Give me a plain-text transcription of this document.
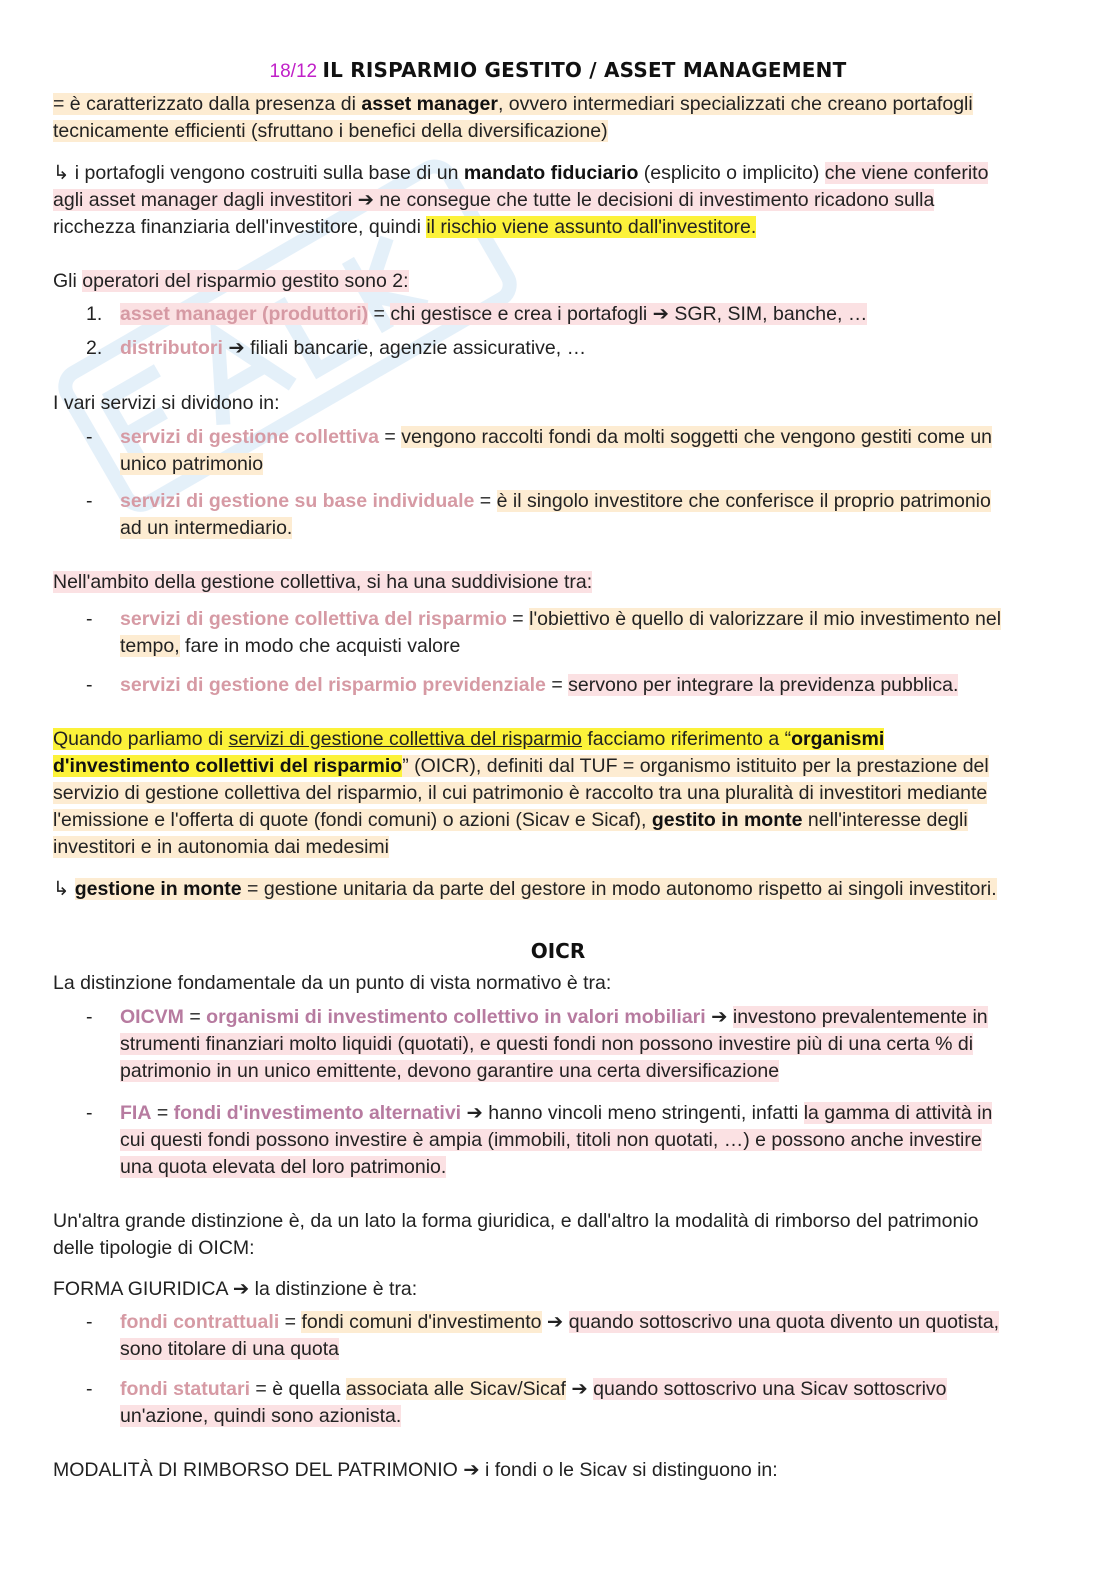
18/12 IL RISPARMIO GESTITO / ASSET MANAGEMENT
= è caratterizzato dalla presenza di asset manager, ovvero intermediari specializzati che creano portafogli
tecnicamente efficienti (sfruttano i benefici della diversificazione)
↳ i portafogli vengono costruiti sulla base di un mandato fiduciario (esplicito o implicito) che viene conferito
agli asset manager dagli investitori ➔ ne consegue che tutte le decisioni di investimento ricadono sulla
ricchezza finanziaria dell'investitore, quindi il rischio viene assunto dall'investitore.
Gli operatori del risparmio gestito sono 2:
1. asset manager (produttori) = chi gestisce e crea i portafogli ➔ SGR, SIM, banche, …
2. distributori ➔ filiali bancarie, agenzie assicurative, …
I vari servizi si dividono in:
- servizi di gestione collettiva = vengono raccolti fondi da molti soggetti che vengono gestiti come un
unico patrimonio
- servizi di gestione su base individuale = è il singolo investitore che conferisce il proprio patrimonio
ad un intermediario.
Nell'ambito della gestione collettiva, si ha una suddivisione tra:
- servizi di gestione collettiva del risparmio = l'obiettivo è quello di valorizzare il mio investimento nel
tempo, fare in modo che acquisti valore
- servizi di gestione del risparmio previdenziale = servono per integrare la previdenza pubblica.
Quando parliamo di servizi di gestione collettiva del risparmio facciamo riferimento a “organismi
d'investimento collettivi del risparmio” (OICR), definiti dal TUF = organismo istituito per la prestazione del
servizio di gestione collettiva del risparmio, il cui patrimonio è raccolto tra una pluralità di investitori mediante
l'emissione e l'offerta di quote (fondi comuni) o azioni (Sicav e Sicaf), gestito in monte nell'interesse degli
investitori e in autonomia dai medesimi
↳ gestione in monte = gestione unitaria da parte del gestore in modo autonomo rispetto ai singoli investitori.
OICR
La distinzione fondamentale da un punto di vista normativo è tra:
- OICVM = organismi di investimento collettivo in valori mobiliari ➔ investono prevalentemente in
strumenti finanziari molto liquidi (quotati), e questi fondi non possono investire più di una certa % di
patrimonio in un unico emittente, devono garantire una certa diversificazione
- FIA = fondi d'investimento alternativi ➔ hanno vincoli meno stringenti, infatti la gamma di attività in
cui questi fondi possono investire è ampia (immobili, titoli non quotati, …) e possono anche investire
una quota elevata del loro patrimonio.
Un'altra grande distinzione è, da un lato la forma giuridica, e dall'altro la modalità di rimborso del patrimonio
delle tipologie di OICM:
FORMA GIURIDICA ➔ la distinzione è tra:
- fondi contrattuali = fondi comuni d'investimento ➔ quando sottoscrivo una quota divento un quotista,
sono titolare di una quota
- fondi statutari = è quella associata alle Sicav/Sicaf ➔ quando sottoscrivo una Sicav sottoscrivo
un'azione, quindi sono azionista.
MODALITÀ DI RIMBORSO DEL PATRIMONIO ➔ i fondi o le Sicav si distinguono in:
